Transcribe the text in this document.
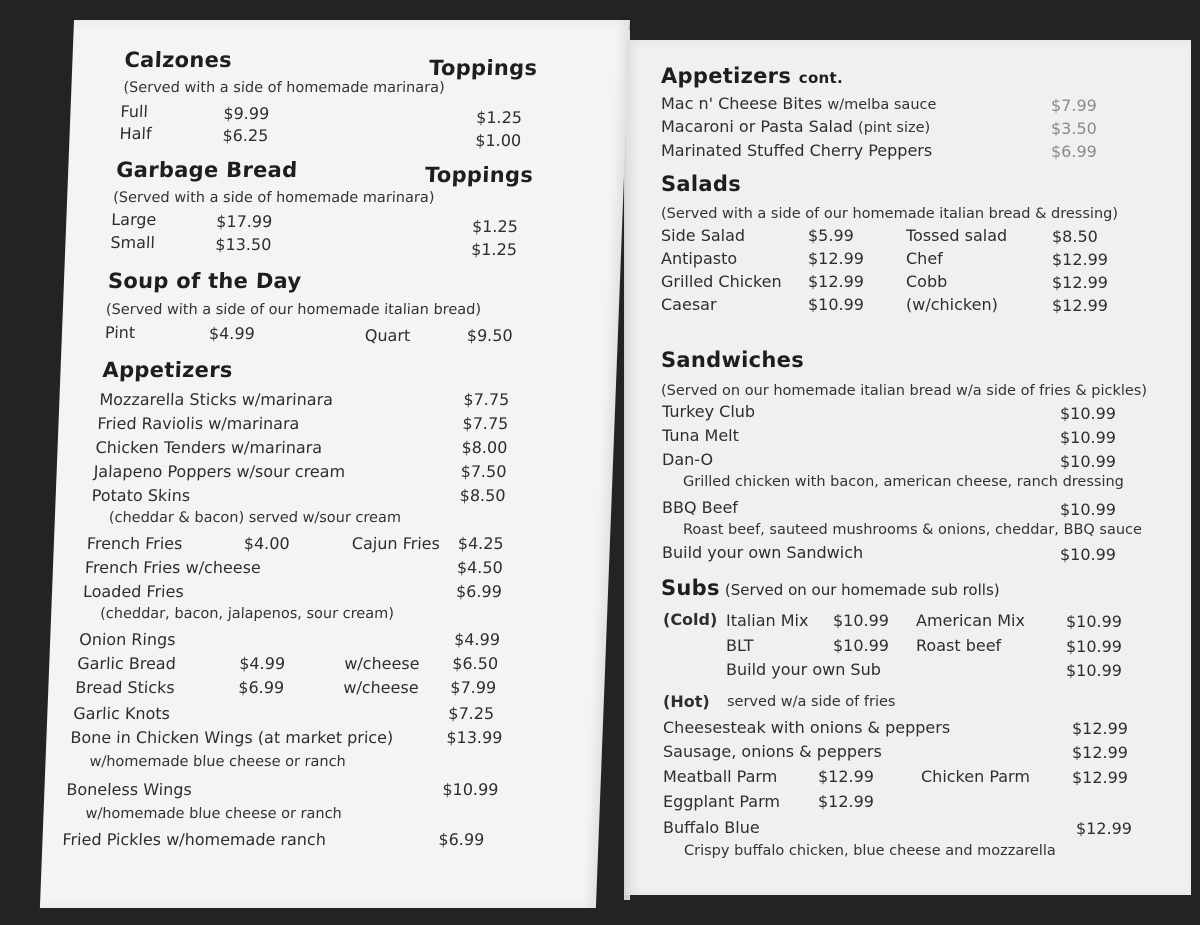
Calzones	Toppings
(Served with a side of homemade marinara)
Full	$9.99	$1.25
Half	$6.25	$1.00
Garbage Bread	Toppings
(Served with a side of homemade marinara)
Large	$17.99	$1.25
Small	$13.50	$1.25
Soup of the Day
(Served with a side of our homemade italian bread)
Pint	$4.99	Quart	$9.50
Appetizers
Mozzarella Sticks w/marinara	$7.75
Fried Raviolis w/marinara	$7.75
Chicken Tenders w/marinara	$8.00
Jalapeno Poppers w/sour cream	$7.50
Potato Skins	$8.50
(cheddar & bacon) served w/sour cream
French Fries	$4.00	Cajun Fries $4.25
French Fries w/cheese	$4.50
Loaded Fries	$6.99
(cheddar, bacon, jalapenos, sour cream)
Onion Rings	$4.99
Garlic Bread	$4.99	w/cheese $6.50
Bread Sticks	$6.99	w/cheese $7.99
Garlic Knots	$7.25
Bone in Chicken Wings (at market price)	$13.99
w/homemade blue cheese or ranch
Boneless Wings	$10.99
w/homemade blue cheese or ranch
Fried Pickles w/homemade ranch	$6.99
Appetizers cont.
Mac n' Cheese Bites w/melba sauce	$7.99
Macaroni or Pasta Salad (pint size)	$3.50
Marinated Stuffed Cherry Peppers	$6.99
Salads
(Served with a side of our homemade italian bread & dressing)
Sandwiches
(Served on our homemade italian bread w/a side of fries & pickles)
Subs (Served on our homemade sub rolls)
(Cold)
(Hot) served w/a side of fries
Side Salad	$5.99	Tossed salad	$8.50
Antipasto	$12.99	Chef	$12.99
Grilled Chicken $12.99	Cobb	$12.99
Caesar	$10.99	(w/chicken)	$12.99
Turkey Club	$10.99
Tuna Melt	$10.99
Dan-O	$10.99
Grilled chicken with bacon, american cheese, ranch dressing
BBQ Beef	$10.99
Roast beef, sauteed mushrooms & onions, cheddar, BBQ sauce
Build your own Sandwich	$10.99
Italian Mix $10.99 American Mix	$10.99
BLT	$10.99 Roast beef	$10.99
Build your own Sub	$10.99
Cheesesteak with onions & peppers	$12.99
Sausage, onions & peppers	$12.99
Meatball Parm	$12.99	Chicken Parm	$12.99
Eggplant Parm $12.99
Buffalo Blue	$12.99
Crispy buffalo chicken, blue cheese and mozzarella
